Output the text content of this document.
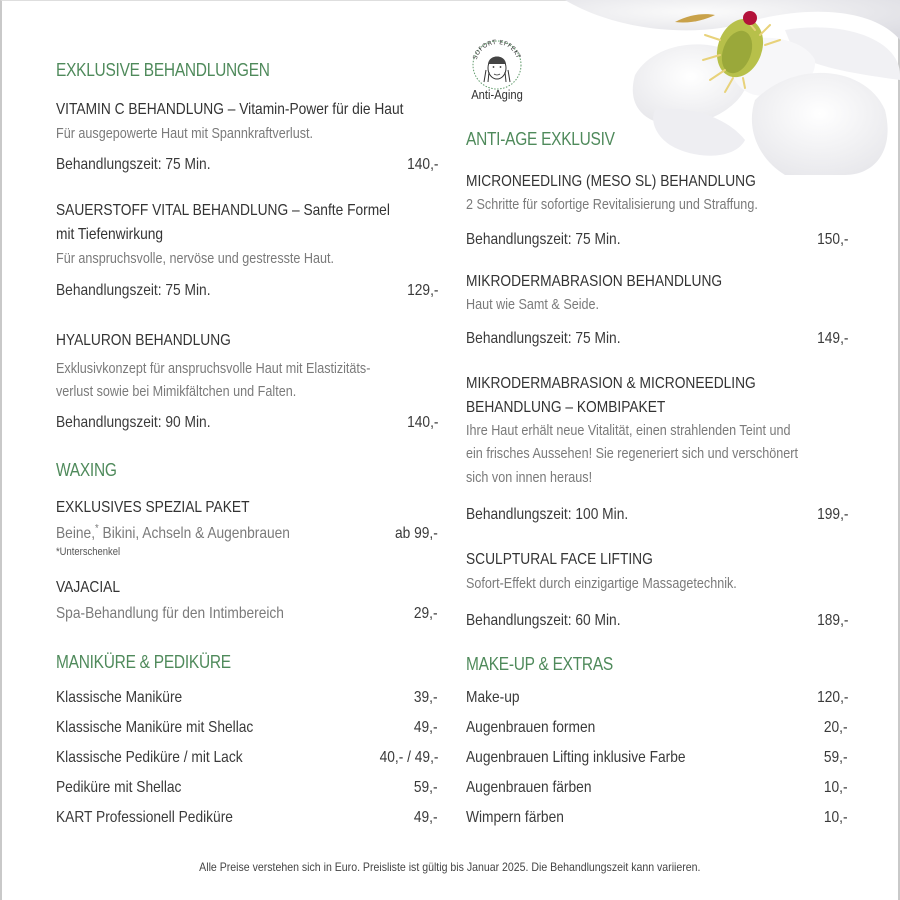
SOFORT EFFEKT
Anti-Aging
EXKLUSIVE BEHANDLUNGEN
VITAMIN C BEHANDLUNG – Vitamin-Power für die Haut
Für ausgepowerte Haut mit Spannkraftverlust.
Behandlungszeit: 75 Min.	140,-
SAUERSTOFF VITAL BEHANDLUNG – Sanfte Formel
mit Tiefenwirkung
Für anspruchsvolle, nervöse und gestresste Haut.
Behandlungszeit: 75 Min.	129,-
HYALURON BEHANDLUNG
Exklusivkonzept für anspruchsvolle Haut mit Elastizitäts-
verlust sowie bei Mimikfältchen und Falten.
Behandlungszeit: 90 Min.	140,-
WAXING
EXKLUSIVES SPEZIAL PAKET
Beine,* Bikini, Achseln & Augenbrauen	ab 99,-
*Unterschenkel
VAJACIAL
Spa-Behandlung für den Intimbereich	29,-
MANIKÜRE & PEDIKÜRE
Klassische Maniküre	39,-
Klassische Maniküre mit Shellac	49,-
Klassische Pediküre / mit Lack	40,- / 49,-
Pediküre mit Shellac	59,-
KART Professionell Pediküre	49,-
ANTI-AGE EXKLUSIV
MICRONEEDLING (MESO SL) BEHANDLUNG
2 Schritte für sofortige Revitalisierung und Straffung.
Behandlungszeit: 75 Min.	150,-
MIKRODERMABRASION BEHANDLUNG
Haut wie Samt & Seide.
Behandlungszeit: 75 Min.	149,-
MIKRODERMABRASION & MICRONEEDLING
BEHANDLUNG – KOMBIPAKET
Ihre Haut erhält neue Vitalität, einen strahlenden Teint und
ein frisches Aussehen! Sie regeneriert sich und verschönert
sich von innen heraus!
Behandlungszeit: 100 Min.	199,-
SCULPTURAL FACE LIFTING
Sofort-Effekt durch einzigartige Massagetechnik.
Behandlungszeit: 60 Min.	189,-
MAKE-UP & EXTRAS
Make-up	120,-
Augenbrauen formen	20,-
Augenbrauen Lifting inklusive Farbe	59,-
Augenbrauen färben	10,-
Wimpern färben	10,-
Alle Preise verstehen sich in Euro. Preisliste ist gültig bis Januar 2025. Die Behandlungszeit kann variieren.
